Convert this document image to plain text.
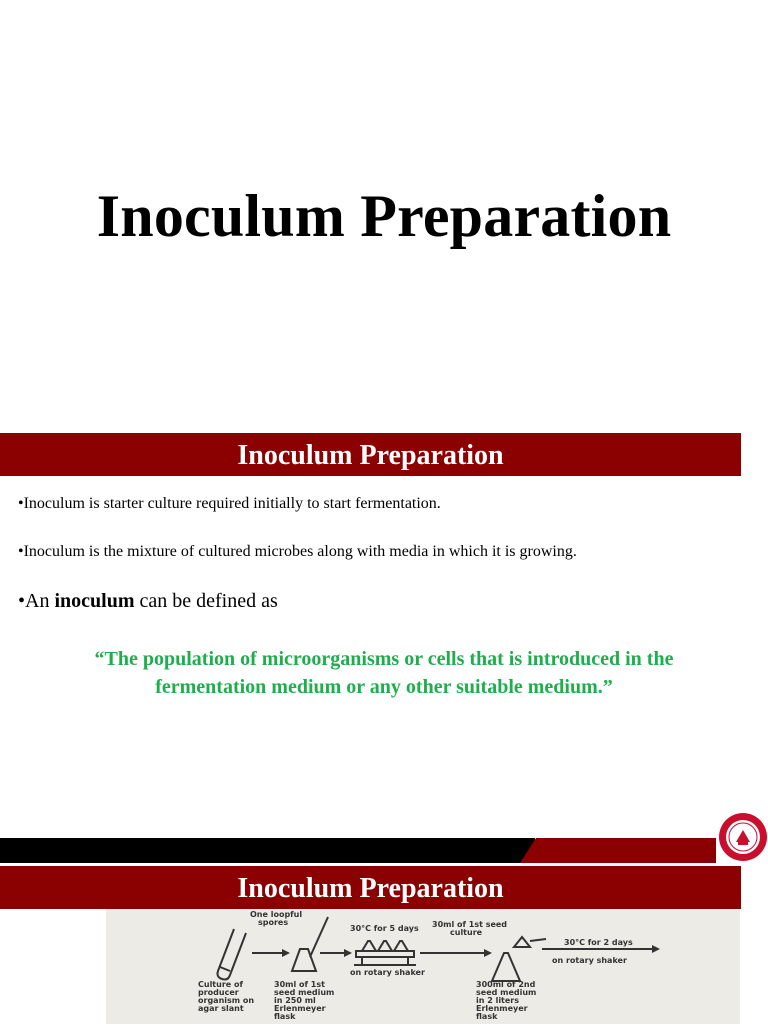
Inoculum Preparation
Inoculum Preparation
•Inoculum is starter culture required initially to start fermentation.
•Inoculum is the mixture of cultured microbes along with media in which it is growing.
•An inoculum can be defined as
“The population of microorganisms or cells that is introduced in the
fermentation medium or any other suitable medium.”
Inoculum Preparation
One loopful
spores
30°C for 5 days
on rotary shaker
30ml of 1st seed
culture
30°C for 2 days
on rotary shaker
Culture of
producer
organism on
agar slant
30ml of 1st
seed medium
in 250 ml
Erlenmeyer
flask
300ml of 2nd
seed medium
in 2 liters
Erlenmeyer
flask
